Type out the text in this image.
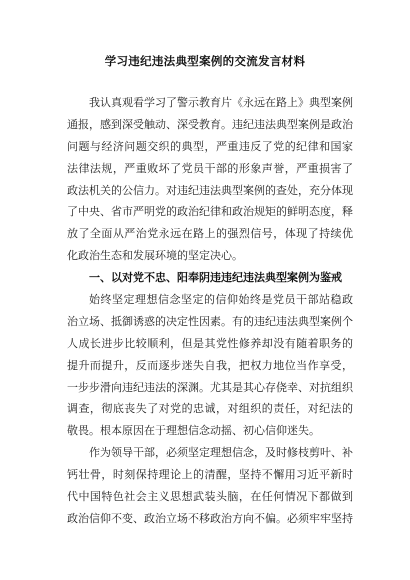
学习违纪违法典型案例的交流发言材料
我认真观看学习了警示教育片《永远在路上》典型案例
通报，感到深受触动、深受教育。违纪违法典型案例是政治
问题与经济问题交织的典型，严重违反了党的纪律和国家
法律法规，严重败坏了党员干部的形象声誉，严重损害了
政法机关的公信力。对违纪违法典型案例的查处，充分体现
了中央、省市严明党的政治纪律和政治规矩的鲜明态度，释
放了全面从严治党永远在路上的强烈信号，体现了持续优
化政治生态和发展环境的坚定决心。
一、以对党不忠、阳奉阴违违纪违法典型案例为鉴戒
始终坚定理想信念坚定的信仰始终是党员干部站稳政
治立场、抵御诱惑的决定性因素。有的违纪违法典型案例个
人成长进步比较顺利，但是其党性修养却没有随着职务的
提升而提升，反而逐步迷失自我，把权力地位当作享受，
一步步滑向违纪违法的深渊。尤其是其心存侥幸、对抗组织
调查，彻底丧失了对党的忠诚，对组织的责任，对纪法的
敬畏。根本原因在于理想信念动摇、初心信仰迷失。
作为领导干部，必须坚定理想信念，及时修枝剪叶、补
钙壮骨，时刻保持理论上的清醒，坚持不懈用习近平新时
代中国特色社会主义思想武装头脑，在任何情况下都做到
政治信仰不变、政治立场不移政治方向不偏。必须牢牢坚持
